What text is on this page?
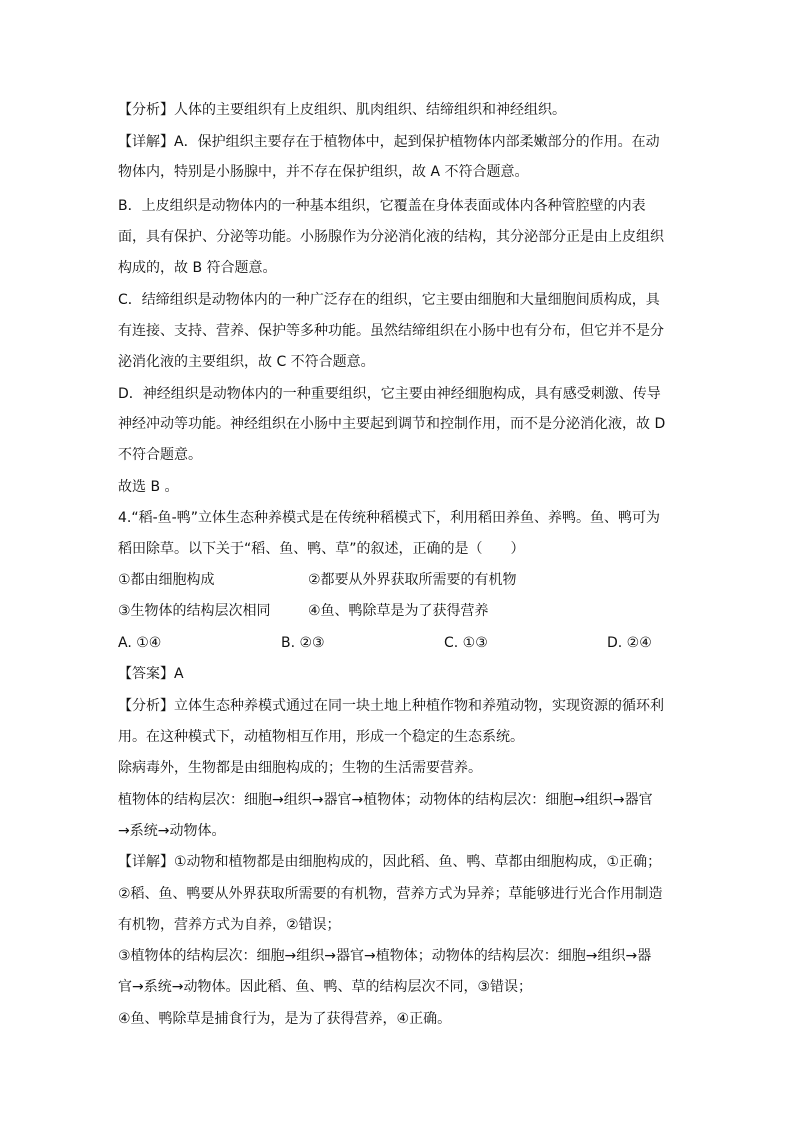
【分析】人体的主要组织有上皮组织、肌肉组织、结缔组织和神经组织。
【详解】A．保护组织主要存在于植物体中，起到保护植物体内部柔嫩部分的作用。在动
物体内，特别是小肠腺中，并不存在保护组织，故 A 不符合题意。
B．上皮组织是动物体内的一种基本组织，它覆盖在身体表面或体内各种管腔壁的内表
面，具有保护、分泌等功能。小肠腺作为分泌消化液的结构，其分泌部分正是由上皮组织
构成的，故 B 符合题意。
C．结缔组织是动物体内的一种广泛存在的组织，它主要由细胞和大量细胞间质构成，具
有连接、支持、营养、保护等多种功能。虽然结缔组织在小肠中也有分布，但它并不是分
泌消化液的主要组织，故 C 不符合题意。
D．神经组织是动物体内的一种重要组织，它主要由神经细胞构成，具有感受刺激、传导
神经冲动等功能。神经组织在小肠中主要起到调节和控制作用，而不是分泌消化液，故 D
不符合题意。
故选 B 。
4.“稻-鱼-鸭”立体生态种养模式是在传统种稻模式下，利用稻田养鱼、养鸭。鱼、鸭可为
稻田除草。以下关于“稻、鱼、鸭、草”的叙述，正确的是（　　）
①都由细胞构成	②都要从外界获取所需要的有机物
③生物体的结构层次相同	④鱼、鸭除草是为了获得营养
A. ①④	B. ②③	C. ①③	D. ②④
【答案】A
【分析】立体生态种养模式通过在同一块土地上种植作物和养殖动物，实现资源的循环利
用。在这种模式下，动植物相互作用，形成一个稳定的生态系统。
除病毒外，生物都是由细胞构成的；生物的生活需要营养。
植物体的结构层次：细胞→组织→器官→植物体；动物体的结构层次：细胞→组织→器官
→系统→动物体。
【详解】①动物和植物都是由细胞构成的，因此稻、鱼、鸭、草都由细胞构成，①正确；
②稻、鱼、鸭要从外界获取所需要的有机物，营养方式为异养；草能够进行光合作用制造
有机物，营养方式为自养，②错误；
③植物体的结构层次：细胞→组织→器官→植物体；动物体的结构层次：细胞→组织→器
官→系统→动物体。因此稻、鱼、鸭、草的结构层次不同，③错误；
④鱼、鸭除草是捕食行为，是为了获得营养，④正确。
